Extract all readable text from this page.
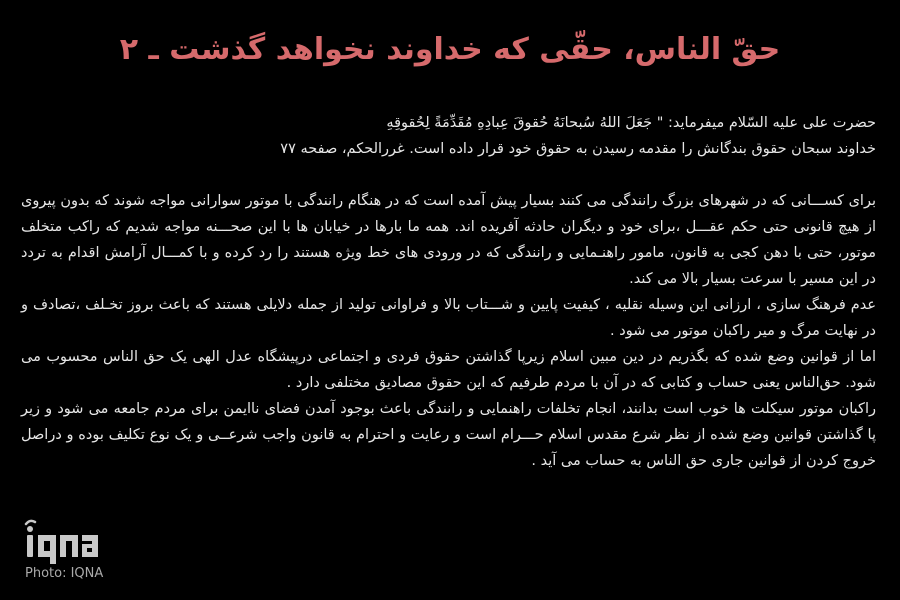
حقّ الناس، حقّی که خداوند نخواهد گذشت ـ ۲

حضرت علی علیه السّلام میفرماید: " جَعَلَ اللهُ سُبحانَهُ حُقوقَ عِبادِهِ مُقَدِّمَةً لِحُقوقِهِ

خداوند سبحان حقوق بندگانش را مقدمه رسیدن به حقوق خود قرار داده است. غررالحکم، صفحه ۷۷

برای کســـانی که در شهرهای بزرگ رانندگی می کنند بسیار پیش آمده است که در هنگام رانندگی با موتور سوارانی مواجه شوند که بدون پیروی از هیچ قانونی حتی حکم عقـــل ،برای خود و دیگران حادثه آفریده اند. همه ما بارها در خیابان ها با این صحـــنه مواجه شدیم که راکب متخلف موتور، حتی با دهن کجی به قانون، مامور راهنـمایی و رانندگی که در ورودی های خط ویژه هستند را رد کرده و با کمـــال آرامش اقدام به تردد در این مسیر با سرعت بسیار بالا می کند.

عدم فرهنگ سازی ، ارزانی این وسیله نقلیه ، کیفیت پایین و شـــتاب بالا و فراوانی تولید از جمله دلایلی هستند که باعث بروز تخـلف ،تصادف و در نهایت مرگ و میر راکبان موتور می شود .

اما از قوانین وضع شده که بگذریم در دین مبین اسلام زیرپا گذاشتن حقوق فردی و اجتماعی درپیشگاه عدل الهی یک حق الناس محسوب می شود. حق‌الناس یعنی حساب و کتابی که در آن با مردم طرفیم که این حقوق مصادیق مختلفی دارد .

راکبان موتور سیکلت ها خوب است بدانند، انجام تخلفات راهنمایی و رانندگی باعث بوجود آمدن فضای ناایمن برای مردم جامعه می شود و زیر پا گذاشتن قوانین وضع شده از نظر شرع مقدس اسلام حـــرام است و رعایت و احترام به قانون واجب شرعــی و یک نوع تکلیف بوده و دراصل خروج کردن از قوانین جاری حق الناس به حساب می آید .

Photo: IQNA
